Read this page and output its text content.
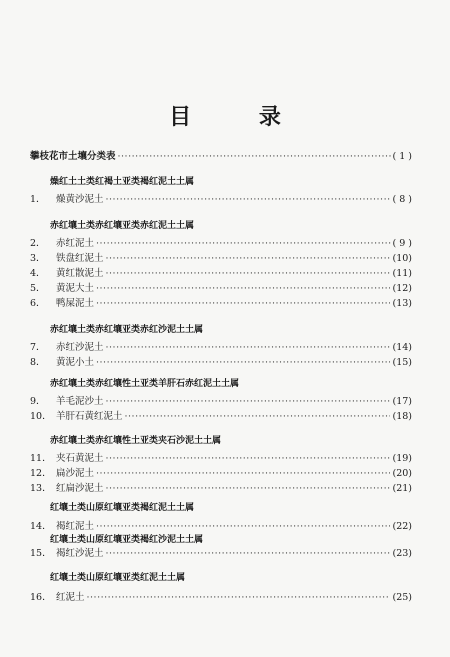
目 录
攀枝花市土壤分类表 ·····	( 1 )
燥红土土类红褐土亚类褐红泥土土属
1．	燥黄沙泥土 ·····	( 8 )
赤红壤土类赤红壤亚类赤红泥土土属
2．	赤红泥土 ·····	( 9 )
3．	铁盘红泥土 ·····	(10)
4．	黄红散泥土 ·····	(11)
5．	黄泥大土 ·····	(12)
6．	鸭屎泥土 ·····	(13)
赤红壤土类赤红壤亚类赤红沙泥土土属
7．	赤红沙泥土 ·····	(14)
8．	黄泥小土 ·····	(15)
赤红壤土类赤红壤性土亚类羊肝石赤红泥土土属
9．	羊毛泥沙土 ·····	(17)
10． 羊肝石黄红泥土 ·····	(18)
赤红壤土类赤红壤性土亚类夹石沙泥土土属
11． 夹石黄泥土 ·····	(19)
12． 扁沙泥土 ·····	(20)
13． 红扁沙泥土 ·····	(21)
红壤土类山原红壤亚类褐红泥土土属
14． 褐红泥土 ·····	(22)
红壤土类山原红壤亚类褐红沙泥土土属
15． 褐红沙泥土 ·····	(23)
红壤土类山原红壤亚类红泥土土属
16． 红泥土 ·····	(25)
